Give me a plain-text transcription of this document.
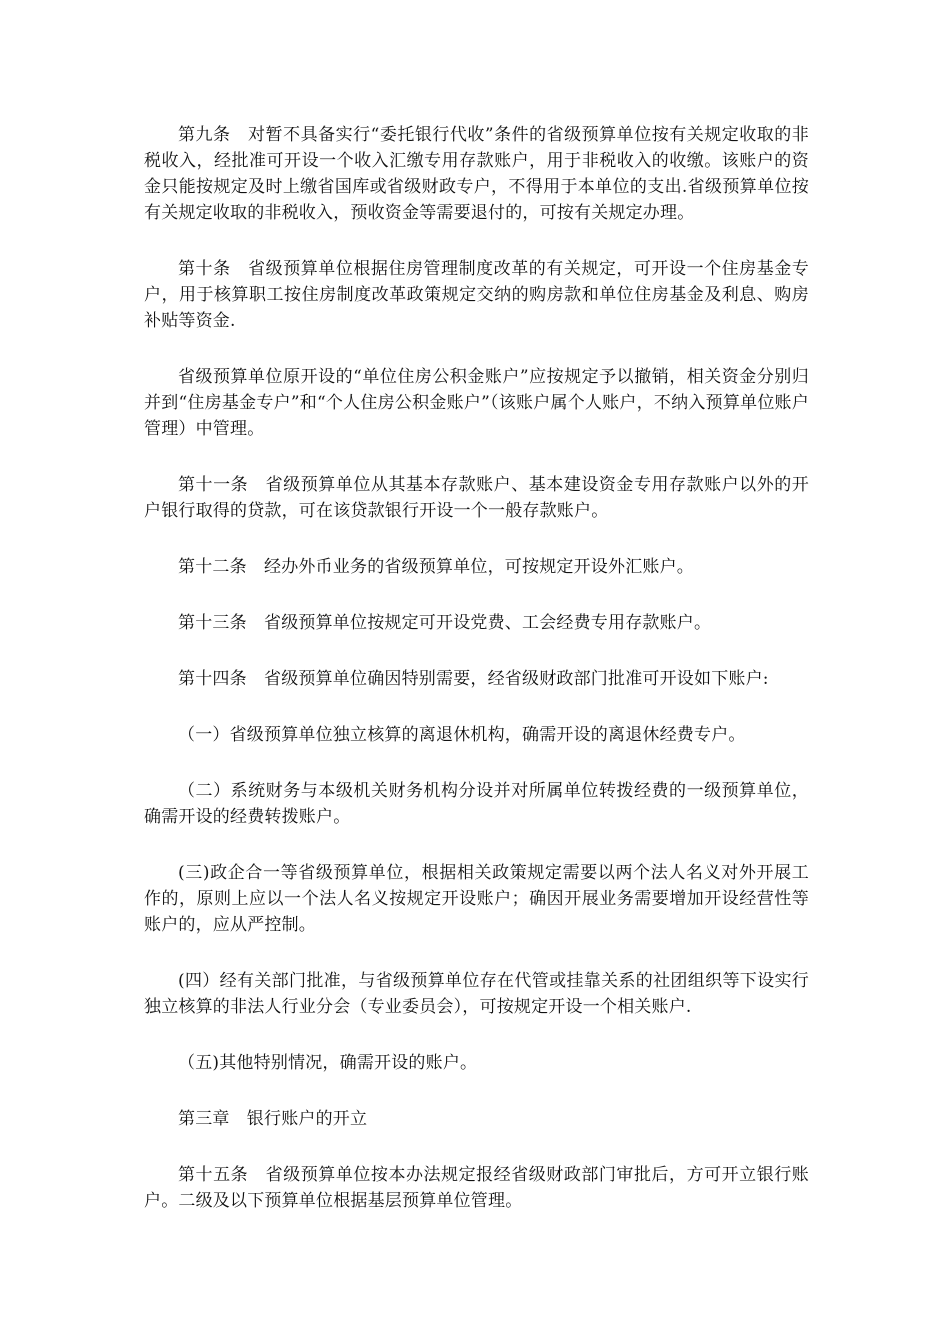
第九条　对暂不具备实行“委托银行代收”条件的省级预算单位按有关规定收取的非税收入，经批准可开设一个收入汇缴专用存款账户，用于非税收入的收缴。该账户的资金只能按规定及时上缴省国库或省级财政专户，不得用于本单位的支出.省级预算单位按有关规定收取的非税收入，预收资金等需要退付的，可按有关规定办理。

第十条　省级预算单位根据住房管理制度改革的有关规定，可开设一个住房基金专户，用于核算职工按住房制度改革政策规定交纳的购房款和单位住房基金及利息、购房补贴等资金.

省级预算单位原开设的“单位住房公积金账户”应按规定予以撤销，相关资金分别归并到“住房基金专户”和“个人住房公积金账户”（该账户属个人账户，不纳入预算单位账户管理）中管理。

第十一条　省级预算单位从其基本存款账户、基本建设资金专用存款账户以外的开户银行取得的贷款，可在该贷款银行开设一个一般存款账户。

第十二条　经办外币业务的省级预算单位，可按规定开设外汇账户。

第十三条　省级预算单位按规定可开设党费、工会经费专用存款账户。

第十四条　省级预算单位确因特别需要，经省级财政部门批准可开设如下账户:

（一）省级预算单位独立核算的离退休机构，确需开设的离退休经费专户。

（二）系统财务与本级机关财务机构分设并对所属单位转拨经费的一级预算单位，确需开设的经费转拨账户。

(三)政企合一等省级预算单位，根据相关政策规定需要以两个法人名义对外开展工作的，原则上应以一个法人名义按规定开设账户；确因开展业务需要增加开设经营性等账户的，应从严控制。

(四）经有关部门批准，与省级预算单位存在代管或挂靠关系的社团组织等下设实行独立核算的非法人行业分会（专业委员会），可按规定开设一个相关账户.

（五)其他特别情况，确需开设的账户。

第三章　银行账户的开立

第十五条　省级预算单位按本办法规定报经省级财政部门审批后，方可开立银行账户。二级及以下预算单位根据基层预算单位管理。
